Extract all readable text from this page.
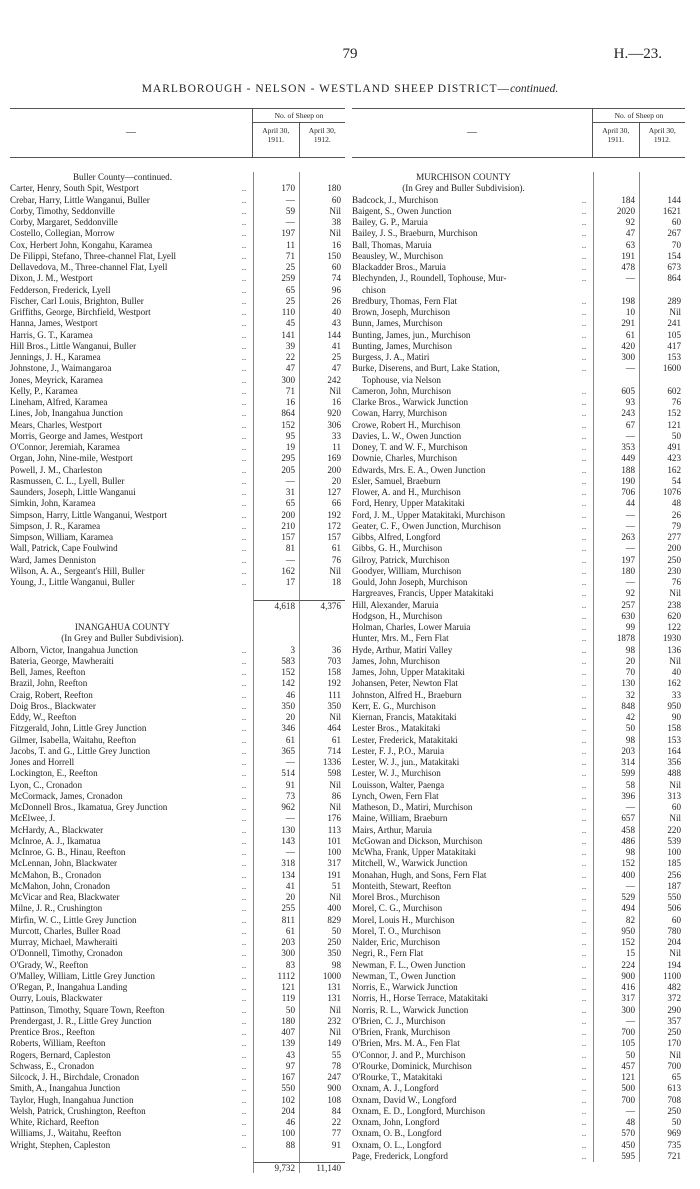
79	H.—23.
MARLBOROUGH - NELSON - WESTLAND SHEEP DISTRICT—continued.
—
No. of Sheep on
April 30, 1911.
April 30, 1912.
Buller County—continued.
Carter, Henry, South Spit, Westport	..	170	180
Crebar, Harry, Little Wanganui, Buller	..	—	60
Corby, Timothy, Seddonville	..	59	Nil
Corby, Margaret, Seddonville	..	—	38
Costello, Collegian, Morrow	..	197	Nil
Cox, Herbert John, Kongahu, Karamea	..	11	16
De Filippi, Stefano, Three-channel Flat, Lyell	..	71	150
Dellavedova, M., Three-channel Flat, Lyell	..	25	60
Dixon, J. M., Westport	..	259	74
Fedderson, Frederick, Lyell	..	65	96
Fischer, Carl Louis, Brighton, Buller	..	25	26
Griffiths, George, Birchfield, Westport	..	110	40
Hanna, James, Westport	..	45	43
Harris, G. T., Karamea	..	141	144
Hill Bros., Little Wanganui, Buller	..	39	41
Jennings, J. H., Karamea	..	22	25
Johnstone, J., Waimangaroa	..	47	47
Jones, Meyrick, Karamea	..	300	242
Kelly, P., Karamea	..	71	Nil
Lineham, Alfred, Karamea	..	16	16
Lines, Job, Inangahua Junction	..	864	920
Mears, Charles, Westport	..	152	306
Morris, George and James, Westport	..	95	33
O'Connor, Jeremiah, Karamea	..	19	11
Organ, John, Nine-mile, Westport	..	295	169
Powell, J. M., Charleston	..	205	200
Rasmussen, C. L., Lyell, Buller	..	—	20
Saunders, Joseph, Little Wanganui	..	31	127
Simkin, John, Karamea	..	65	66
Simpson, Harry, Little Wanganui, Westport	..	200	192
Simpson, J. R., Karamea	..	210	172
Simpson, William, Karamea	..	157	157
Wall, Patrick, Cape Foulwind	..	81	61
Ward, James Denniston	..	—	76
Wilson, A. A., Sergeant's Hill, Buller	..	162	Nil
Young, J., Little Wanganui, Buller	..	17	18
4,618	4,376
INANGAHUA COUNTY
(In Grey and Buller Subdivision).
Alborn, Victor, Inangahua Junction	..	3	36
Bateria, George, Mawheraiti	..	583	703
Bell, James, Reefton	..	152	158
Brazil, John, Reefton	..	142	192
Craig, Robert, Reefton	..	46	111
Doig Bros., Blackwater	..	350	350
Eddy, W., Reefton	..	20	Nil
Fitzgerald, John, Little Grey Junction	..	346	464
Gilmer, Isabella, Waitahu, Reefton	..	61	61
Jacobs, T. and G., Little Grey Junction	..	365	714
Jones and Horrell	..	—	1336
Lockington, E., Reefton	..	514	598
Lyon, C., Cronadon	..	91	Nil
McCormack, James, Cronadon	..	73	86
McDonnell Bros., Ikamatua, Grey Junction	..	962	Nil
McElwee, J.	..	—	176
McHardy, A., Blackwater	..	130	113
McInroe, A. J., Ikamatua	..	143	101
McInroe, G. B., Hinau, Reefton	..	—	100
McLennan, John, Blackwater	..	318	317
McMahon, B., Cronadon	..	134	191
McMahon, John, Cronadon	..	41	51
McVicar and Rea, Blackwater	..	20	Nil
Milne, J. R., Crushington	..	255	400
Mirfin, W. C., Little Grey Junction	..	811	829
Murcott, Charles, Buller Road	..	61	50
Murray, Michael, Mawheraiti	..	203	250
O'Donnell, Timothy, Cronadon	..	300	350
O'Grady, W., Reefton	..	83	98
O'Malley, William, Little Grey Junction	..	1112	1000
O'Regan, P., Inangahua Landing	..	121	131
Ourry, Louis, Blackwater	..	119	131
Pattinson, Timothy, Square Town, Reefton	..	50	Nil
Prendergast, J. R., Little Grey Junction	..	180	232
Prentice Bros., Reefton	..	407	Nil
Roberts, William, Reefton	..	139	149
Rogers, Bernard, Capleston	..	43	55
Schwass, E., Cronadon	..	97	78
Silcock, J. H., Birchdale, Cronadon	..	167	247
Smith, A., Inangahua Junction	..	550	900
Taylor, Hugh, Inangahua Junction	..	102	108
Welsh, Patrick, Crushington, Reefton	..	204	84
White, Richard, Reefton	..	46	22
Williams, J., Waitahu, Reefton	..	100	77
Wright, Stephen, Capleston	..	88	91
9,732	11,140
—
No. of Sheep on
April 30, 1911.
April 30, 1912.
MURCHISON COUNTY
(In Grey and Buller Subdivision).
Badcock, J., Murchison	..	184	144
Baigent, S., Owen Junction	..	2020	1621
Bailey, G. P., Maruia	..	92	60
Bailey, J. S., Braeburn, Murchison	..	47	267
Ball, Thomas, Maruia	..	63	70
Beausley, W., Murchison	..	191	154
Blackadder Bros., Maruia	..	478	673
Blechynden, J., Roundell, Tophouse, Mur-	..	—	864
chison
Bredbury, Thomas, Fern Flat	..	198	289
Brown, Joseph, Murchison	..	10	Nil
Bunn, James, Murchison	..	291	241
Bunting, James, jun., Murchison	..	61	105
Bunting, James, Murchison	..	420	417
Burgess, J. A., Matiri	..	300	153
Burke, Diserens, and Burt, Lake Station,	..	—	1600
Tophouse, via Nelson
Cameron, John, Murchison	..	605	602
Clarke Bros., Warwick Junction	..	93	76
Cowan, Harry, Murchison	..	243	152
Crowe, Robert H., Murchison	..	67	121
Davies, L. W., Owen Junction	..	—	50
Doney, T. and W. F., Murchison	..	353	491
Downie, Charles, Murchison	..	449	423
Edwards, Mrs. E. A., Owen Junction	..	188	162
Esler, Samuel, Braeburn	..	190	54
Flower, A. and H., Murchison	..	706	1076
Ford, Henry, Upper Matakitaki	..	44	48
Ford, J. M., Upper Matakitaki, Murchison	..	—	26
Geater, C. F., Owen Junction, Murchison	..	—	79
Gibbs, Alfred, Longford	..	263	277
Gibbs, G. H., Murchison	..	—	200
Gilroy, Patrick, Murchison	..	197	250
Goodyer, William, Murchison	..	180	230
Gould, John Joseph, Murchison	..	—	76
Hargreaves, Francis, Upper Matakitaki	..	92	Nil
Hill, Alexander, Maruia	..	257	238
Hodgson, H., Murchison	..	630	620
Holman, Charles, Lower Maruia	..	99	122
Hunter, Mrs. M., Fern Flat	..	1878	1930
Hyde, Arthur, Matiri Valley	..	98	136
James, John, Murchison	..	20	Nil
James, John, Upper Matakitaki	..	70	40
Johansen, Peter, Newton Flat	..	130	162
Johnston, Alfred H., Braeburn	..	32	33
Kerr, E. G., Murchison	..	848	950
Kiernan, Francis, Matakitaki	..	42	90
Lester Bros., Matakitaki	..	50	158
Lester, Frederick, Matakitaki	..	98	153
Lester, F. J., P.O., Maruia	..	203	164
Lester, W. J., jun., Matakitaki	..	314	356
Lester, W. J., Murchison	..	599	488
Louisson, Walter, Paenga	..	58	Nil
Lynch, Owen, Fern Flat	..	396	313
Matheson, D., Matiri, Murchison	..	—	60
Maine, William, Braeburn	..	657	Nil
Mairs, Arthur, Maruia	..	458	220
McGowan and Dickson, Murchison	..	486	539
McWha, Frank, Upper Matakitaki	..	98	100
Mitchell, W., Warwick Junction	..	152	185
Monahan, Hugh, and Sons, Fern Flat	..	400	256
Monteith, Stewart, Reefton	..	—	187
Morel Bros., Murchison	..	529	550
Morel, C. G., Murchison	..	494	506
Morel, Louis H., Murchison	..	82	60
Morel, T. O., Murchison	..	950	780
Nalder, Eric, Murchison	..	152	204
Negri, R., Fern Flat	..	15	Nil
Newman, F. L., Owen Junction	..	224	194
Newman, T., Owen Junction	..	900	1100
Norris, E., Warwick Junction	..	416	482
Norris, H., Horse Terrace, Matakitaki	..	317	372
Norris, R. L., Warwick Junction	..	300	290
O'Brien, C. J., Murchison	..	—	357
O'Brien, Frank, Murchison	..	700	250
O'Brien, Mrs. M. A., Fen Flat	..	105	170
O'Connor, J. and P., Murchison	..	50	Nil
O'Rourke, Dominick, Murchison	..	457	700
O'Rourke, T., Matakitaki	..	121	65
Oxnam, A. J., Longford	..	500	613
Oxnam, David W., Longford	..	700	708
Oxnam, E. D., Longford, Murchison	..	—	250
Oxnam, John, Longford	..	48	50
Oxnam, O. B., Longford	..	570	969
Oxnam, O. L., Longford	..	450	735
Page, Frederick, Longford	..	595	721
